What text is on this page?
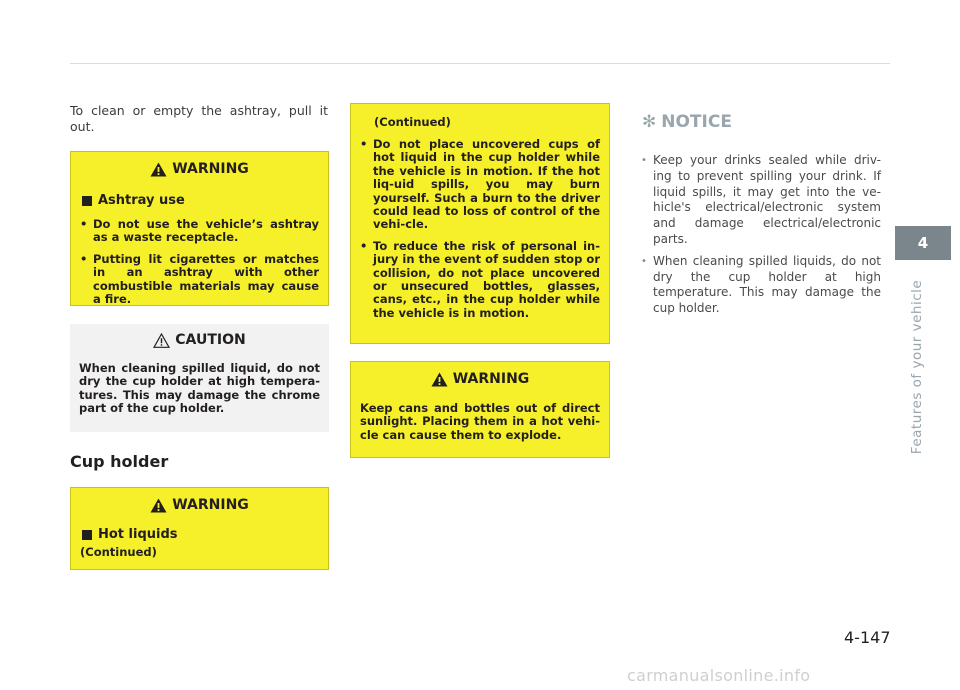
To clean or empty the ashtray, pull it out.

WARNING
Ashtray use
• Do not use the vehicle’s ashtray as a waste receptacle.
• Putting lit cigarettes or matches in an ashtray with other combustible materials may cause a fire.
CAUTION
When cleaning spilled liquid, do not dry the cup holder at high tempera-tures. This may damage the chrome part of the cup holder.
Cup holder
WARNING
Hot liquids
(Continued)
(Continued)
• Do not place uncovered cups of hot liquid in the cup holder while the vehicle is in motion. If the hot liq-uid spills, you may burn yourself. Such a burn to the driver could lead to loss of control of the vehi-cle.
• To reduce the risk of personal in-jury in the event of sudden stop or collision, do not place uncovered or unsecured bottles, glasses, cans, etc., in the cup holder while the vehicle is in motion.
WARNING
Keep cans and bottles out of direct sunlight. Placing them in a hot vehi-cle can cause them to explode.
✻ NOTICE
• Keep your drinks sealed while driv-ing to prevent spilling your drink. If liquid spills, it may get into the ve-hicle's electrical/electronic system and damage electrical/electronic parts.
• When cleaning spilled liquids, do not dry the cup holder at high temperature. This may damage the cup holder.
4
Features of your vehicle
4-147
carmanualsonline.info
